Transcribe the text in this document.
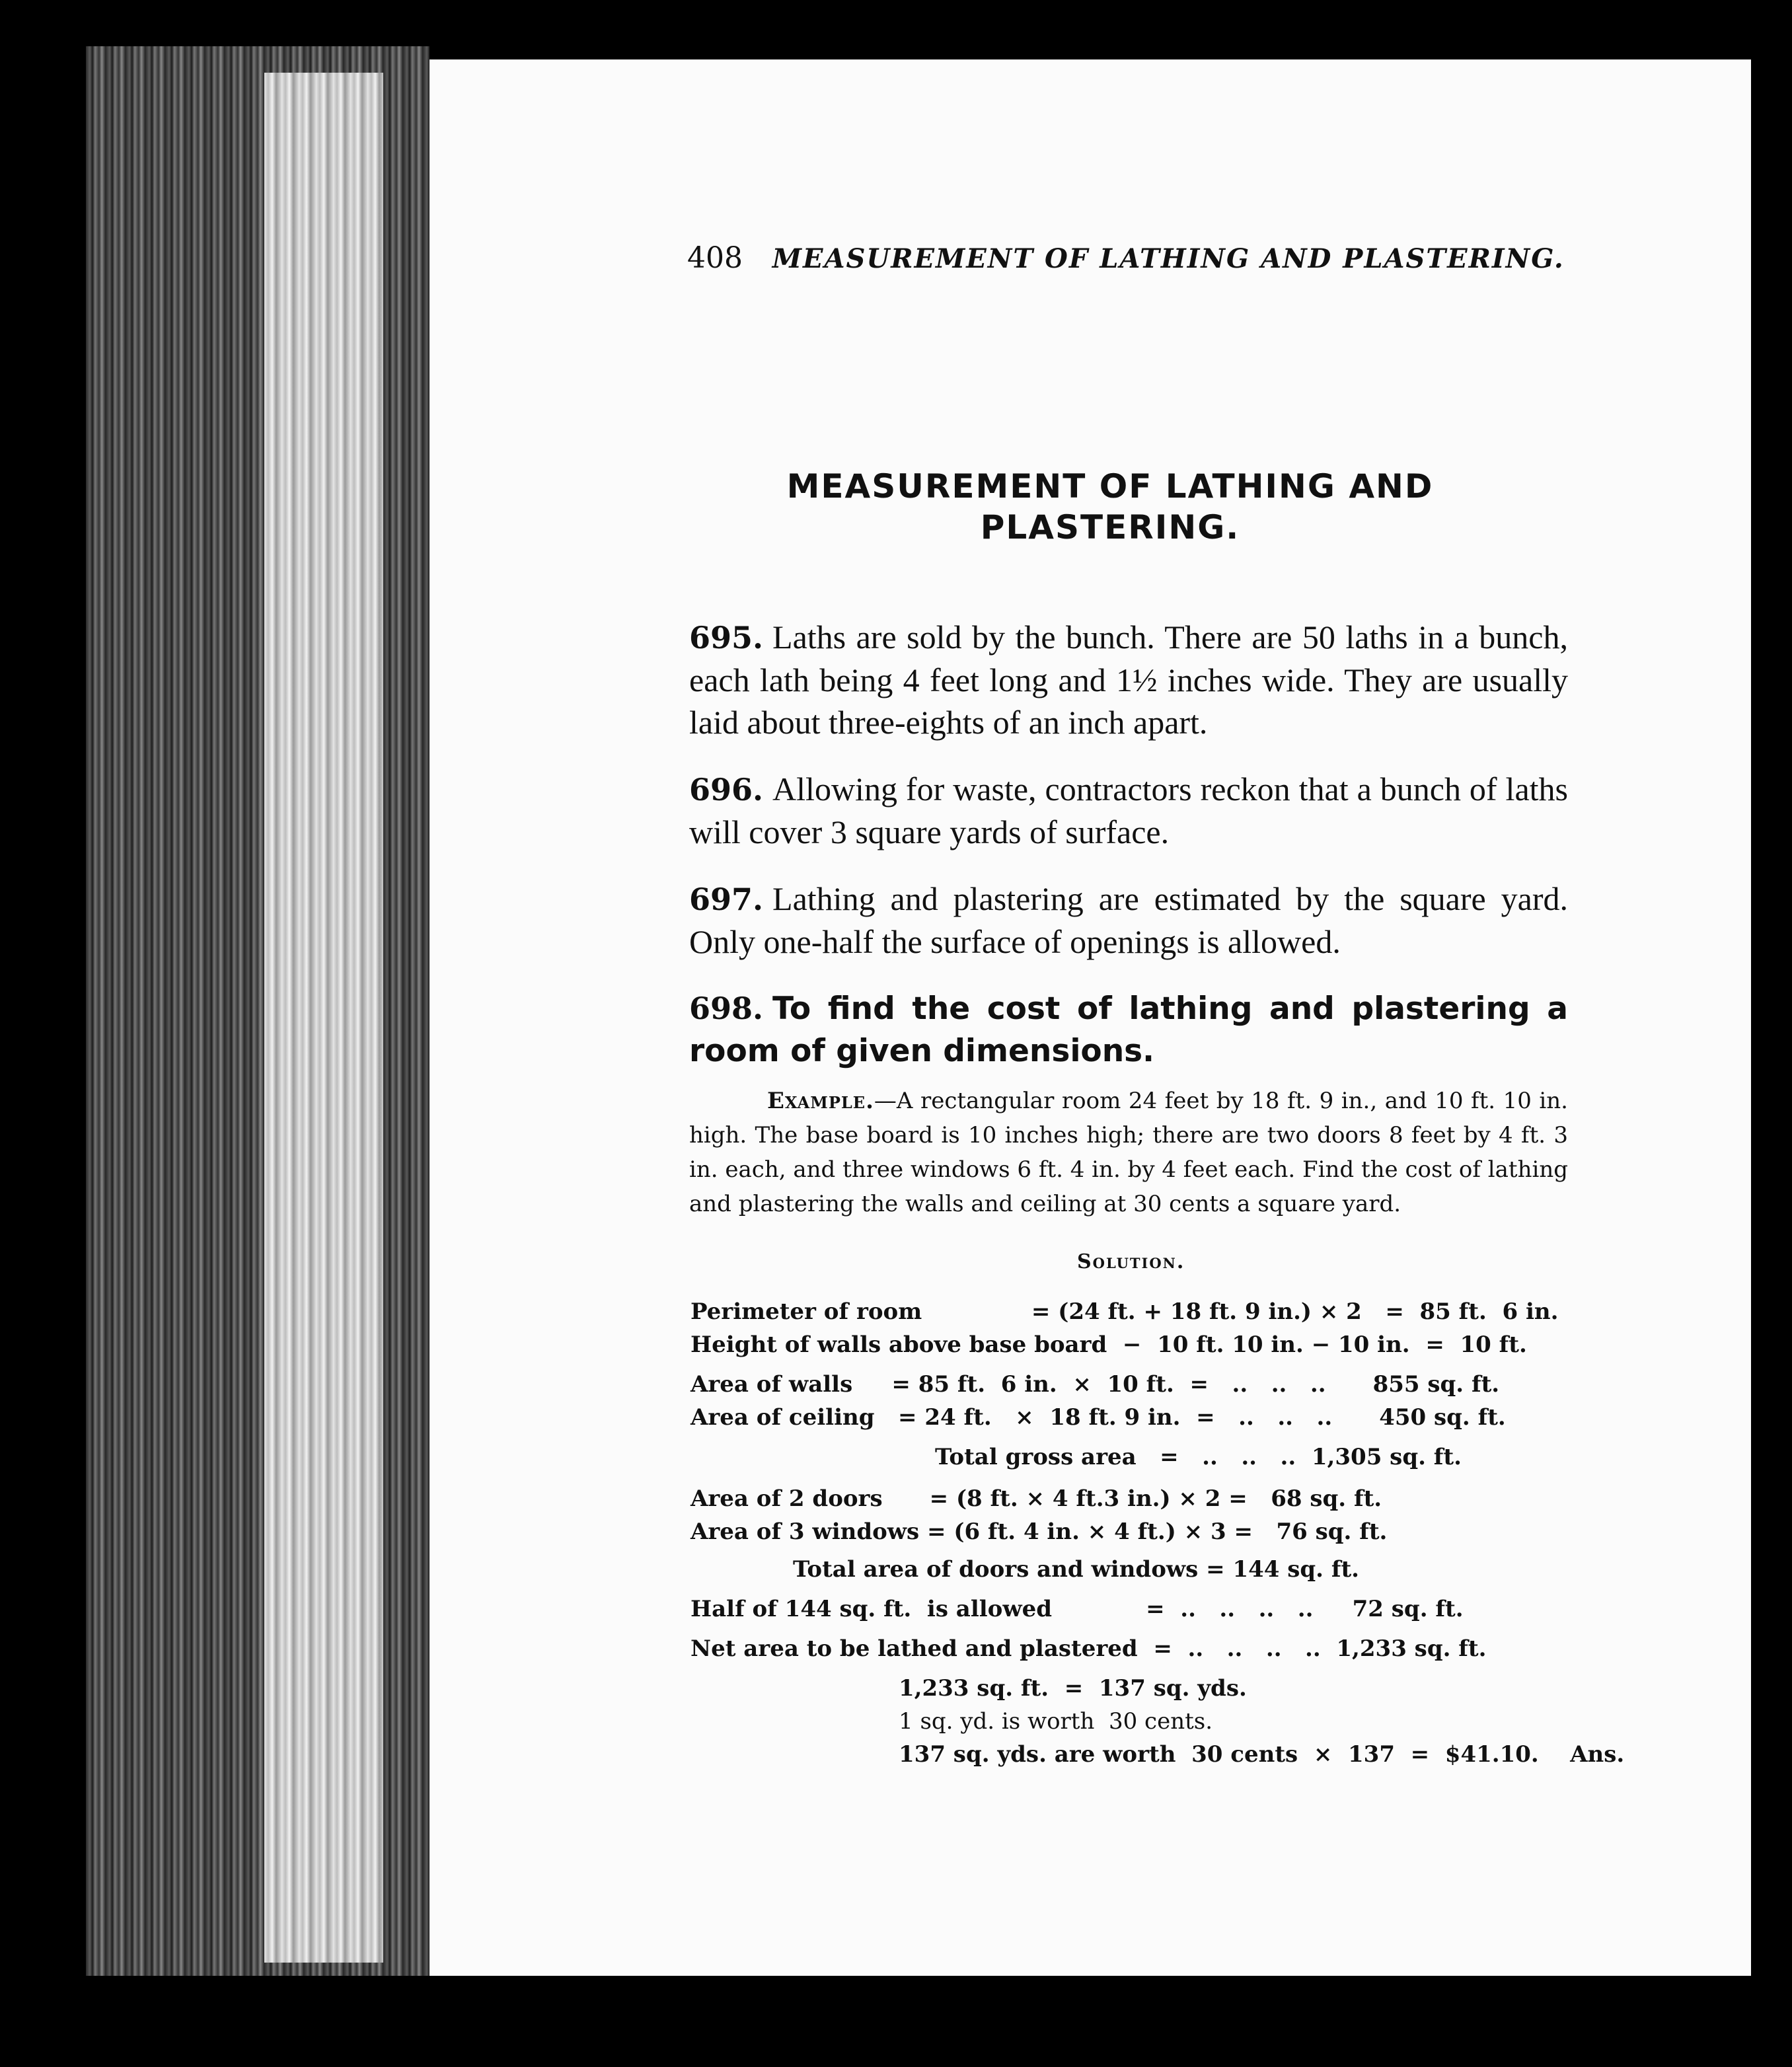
408 MEASUREMENT OF LATHING AND PLASTERING.
MEASUREMENT OF LATHING AND
PLASTERING.
695. Laths are sold by the bunch. There are 50 laths in a bunch, each lath being 4 feet long and 1½ inches wide. They are usually laid about three-eights of an inch apart.
696. Allowing for waste, contractors reckon that a bunch of laths will cover 3 square yards of surface.
697. Lathing and plastering are estimated by the square yard. Only one-half the surface of openings is allowed.
698. To find the cost of lathing and plastering a room of given dimensions.
Example.—A rectangular room 24 feet by 18 ft. 9 in., and 10 ft. 10 in. high. The base board is 10 inches high; there are two doors 8 feet by 4 ft. 3 in. each, and three windows 6 ft. 4 in. by 4 feet each. Find the cost of lathing and plastering the walls and ceiling at 30 cents a square yard.
Solution.
Perimeter of room              = (24 ft. + 18 ft. 9 in.) × 2   =  85 ft.  6 in.
Height of walls above base board  −  10 ft. 10 in. − 10 in.  =  10 ft.
Area of walls     = 85 ft.  6 in.  ×  10 ft.  =   ..   ..   ..      855 sq. ft.
Area of ceiling   = 24 ft.   ×  18 ft. 9 in.  =   ..   ..   ..      450 sq. ft.
Total gross area   =   ..   ..   ..  1,305 sq. ft.
Area of 2 doors      = (8 ft. × 4 ft.3 in.) × 2 =   68 sq. ft.
Area of 3 windows = (6 ft. 4 in. × 4 ft.) × 3 =   76 sq. ft.
Total area of doors and windows = 144 sq. ft.
Half of 144 sq. ft.  is allowed            =  ..   ..   ..   ..     72 sq. ft.
Net area to be lathed and plastered  =  ..   ..   ..   ..  1,233 sq. ft.
1,233 sq. ft.  =  137 sq. yds.
1 sq. yd. is worth  30 cents.
137 sq. yds. are worth  30 cents  ×  137  =  $41.10.    Ans.
